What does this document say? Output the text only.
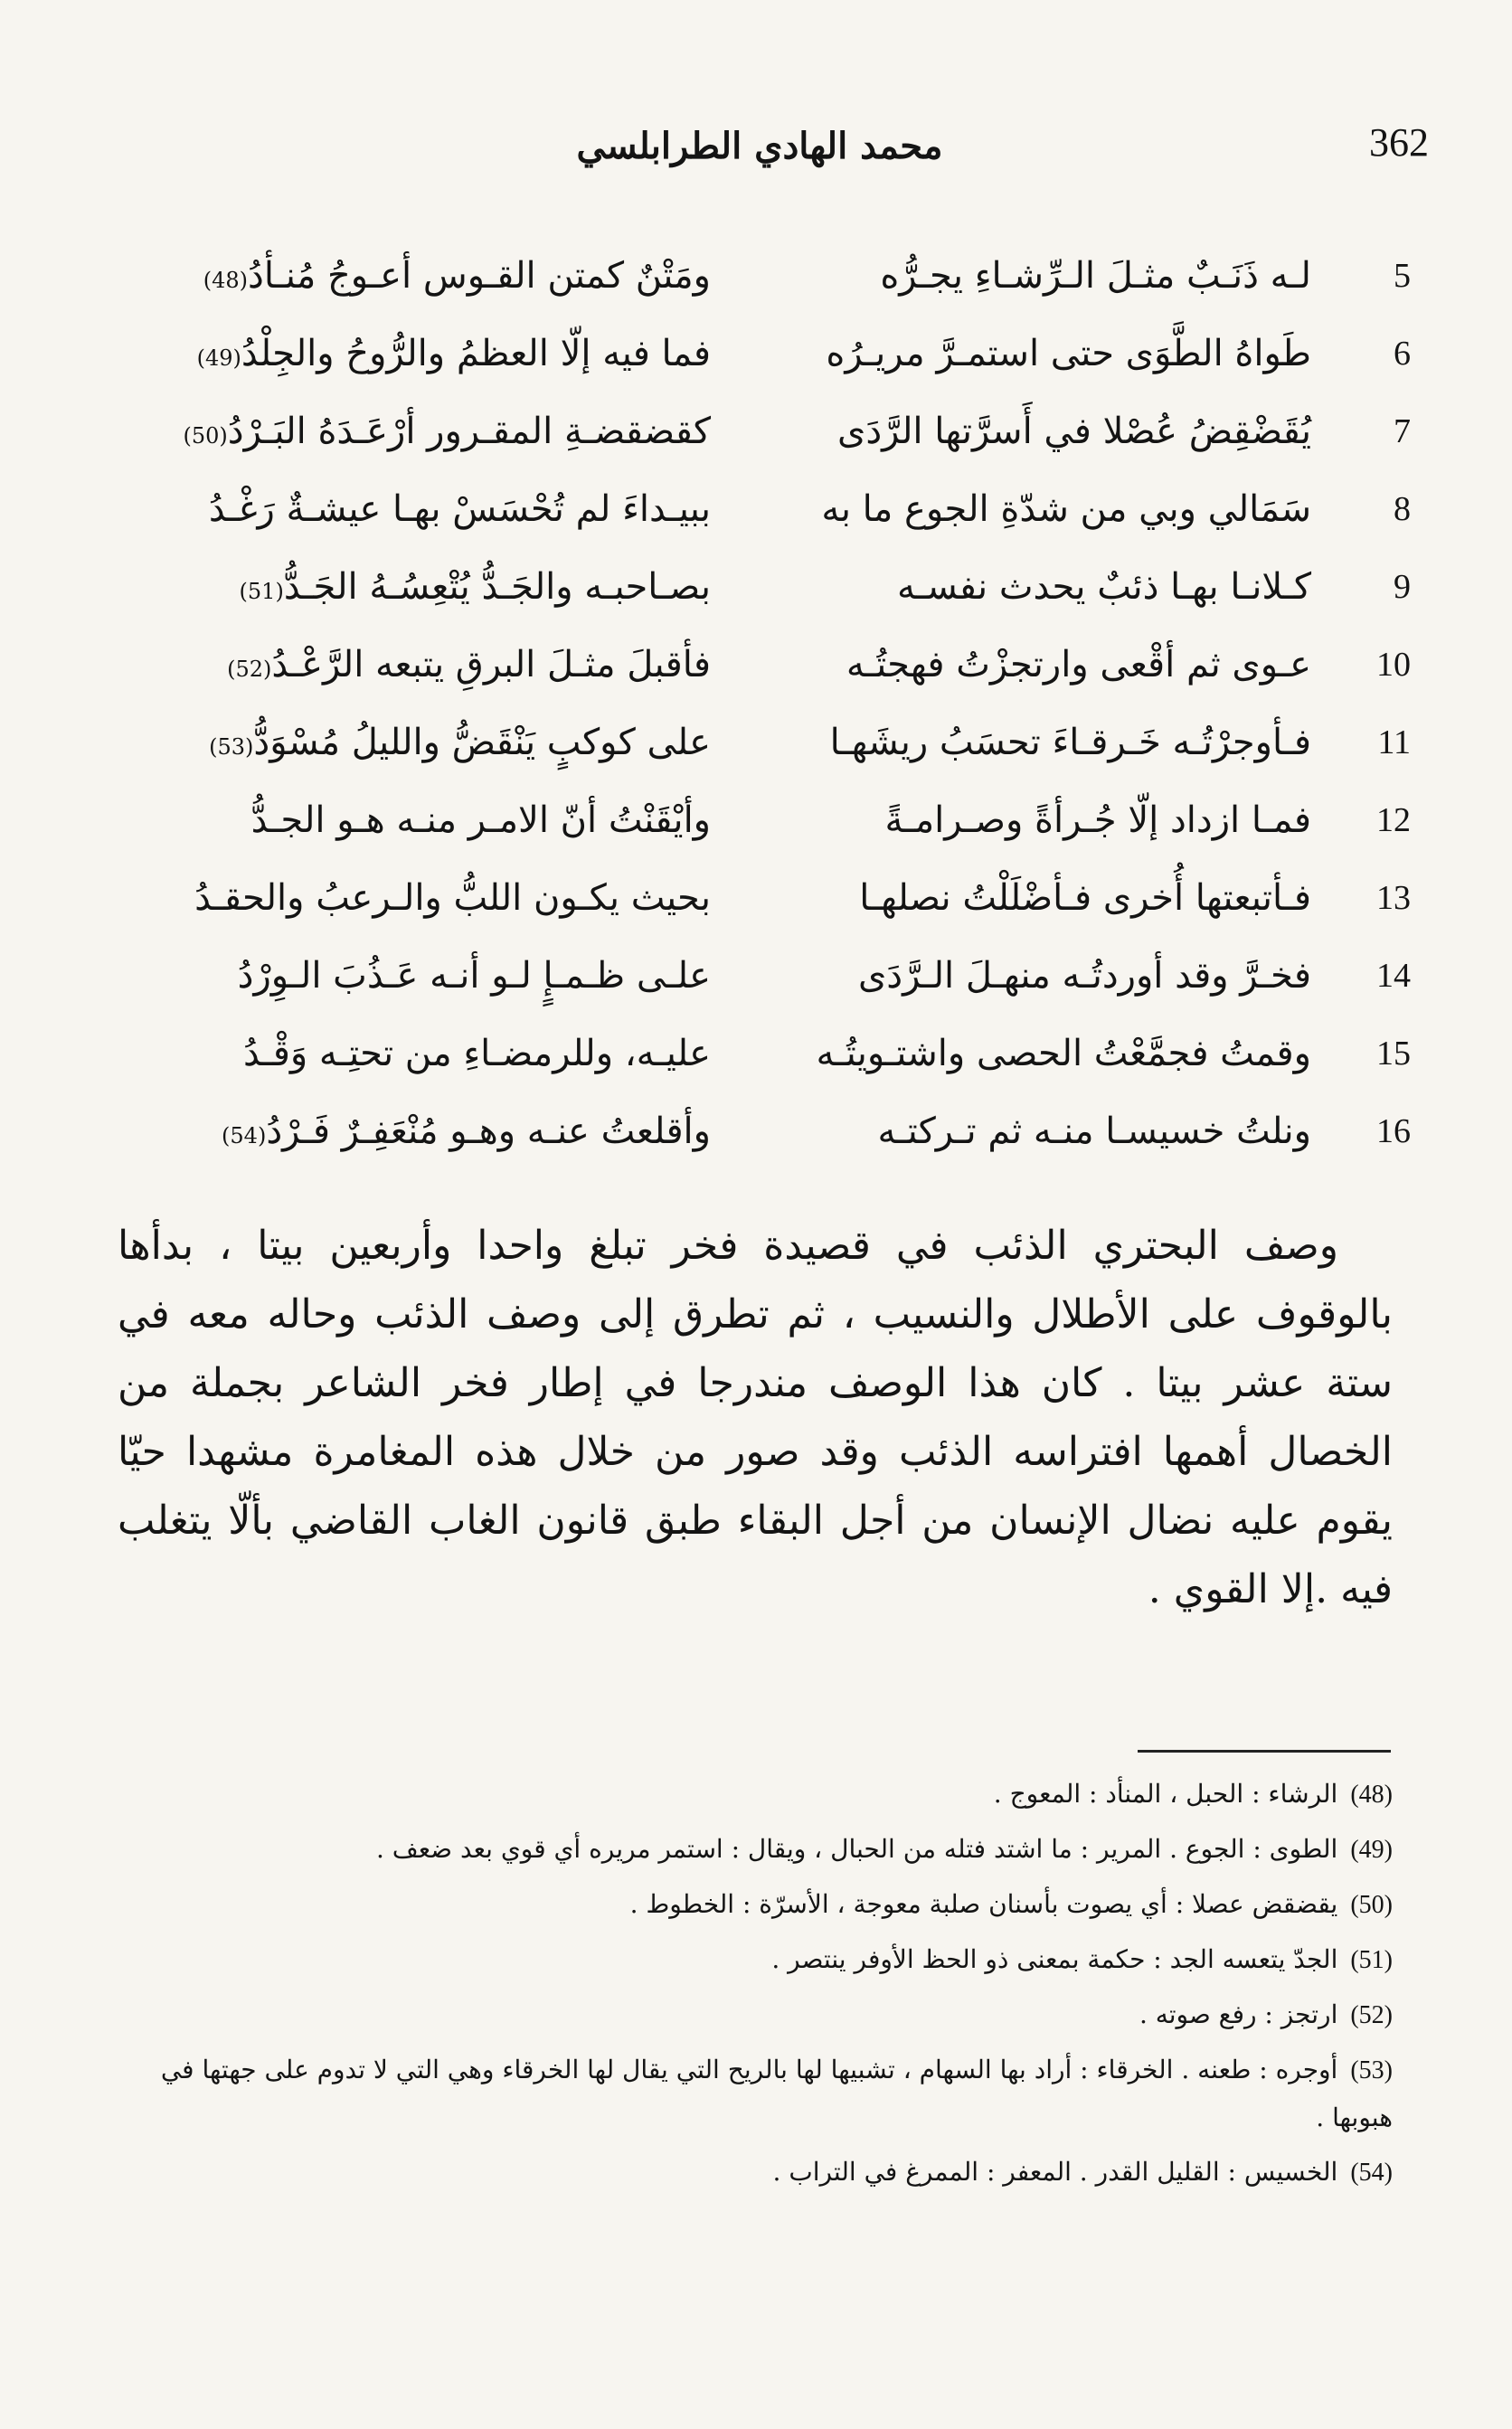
362
محمد الهادي الطرابلسي
5
لـه ذَنَـبٌ مثـلَ الـرِّشـاءِ يجـرُّه
ومَتْنٌ كمتن القـوس أعـوجُ مُنـأدُ(48)
6
طَواهُ الطَّوَى حتى استمـرَّ مريـرُه
فما فيه إلّا العظمُ والرُّوحُ والجِلْدُ(49)
7
يُقَضْقِضُ عُصْلا في أَسرَّتها الرَّدَى
كقضقضـةِ المقـرور أرْعَـدَهُ البَـرْدُ(50)
8
سَمَالي وبي من شدّةِ الجوع ما به
ببيـداءَ لم تُحْسَسْ بهـا عيشـةٌ رَغْـدُ
9
كـلانـا بهـا ذئبٌ يحدث نفسـه
بصـاحبـه والجَـدُّ يُتْعِسُـهُ الجَـدُّ(51)
10
عـوى ثم أقْعى وارتجزْتُ فهجتُـه
فأقبلَ مثـلَ البرقِ يتبعه الرَّعْـدُ(52)
11
فـأوجرْتُـه خَـرقـاءَ تحسَبُ ريشَهـا
على كوكبٍ يَنْقَضُّ والليلُ مُسْوَدُّ(53)
12
فمـا ازداد إلّا جُـرأةً وصـرامـةً
وأيْقَنْتُ أنّ الامـر منـه هـو الجـدُّ
13
فـأتبعتها أُخرى فـأضْلَلْتُ نصلهـا
بحيث يكـون اللبُّ والـرعبُ والحقـدُ
14
فخـرَّ وقد أوردتُـه منهـلَ الـرَّدَى
علـى ظـمـإٍ لـو أنـه عَـذُبَ الـوِرْدُ
15
وقمتُ فجمَّعْتُ الحصى واشتـويتُـه
عليـه، وللرمضـاءِ من تحتِـه وَقْـدُ
16
ونلتُ خسيسـا منـه ثم تـركتـه
وأقلعتُ عنـه وهـو مُنْعَفِـرٌ فَـرْدُ(54)

وصف البحتري الذئب في قصيدة فخر تبلغ واحدا وأربعين بيتا ، بدأها بالوقوف على الأطلال والنسيب ، ثم تطرق إلى وصف الذئب وحاله معه في ستة عشر بيتا . كان هذا الوصف مندرجا في إطار فخر الشاعر بجملة من الخصال أهمها افتراسه الذئب وقد صور من خلال هذه المغامرة مشهدا حيّا يقوم عليه نضال الإنسان من أجل البقاء طبق قانون الغاب القاضي بألّا يتغلب فيه .إلا القوي .

(48)الرشاء : الحبل ، المنأد : المعوج .
(49)الطوى : الجوع . المرير : ما اشتد فتله من الحبال ، ويقال : استمر مريره أي قوي بعد ضعف .
(50)يقضقض عصلا : أي يصوت بأسنان صلبة معوجة ، الأسرّة : الخطوط .
(51)الجدّ يتعسه الجد : حكمة بمعنى ذو الحظ الأوفر ينتصر .
(52)ارتجز : رفع صوته .
(53)أوجره : طعنه . الخرقاء : أراد بها السهام ، تشبيها لها بالريح التي يقال لها الخرقاء وهي التي لا تدوم على جهتها في هبوبها .
(54)الخسيس : القليل القدر . المعفر : الممرغ في التراب .
